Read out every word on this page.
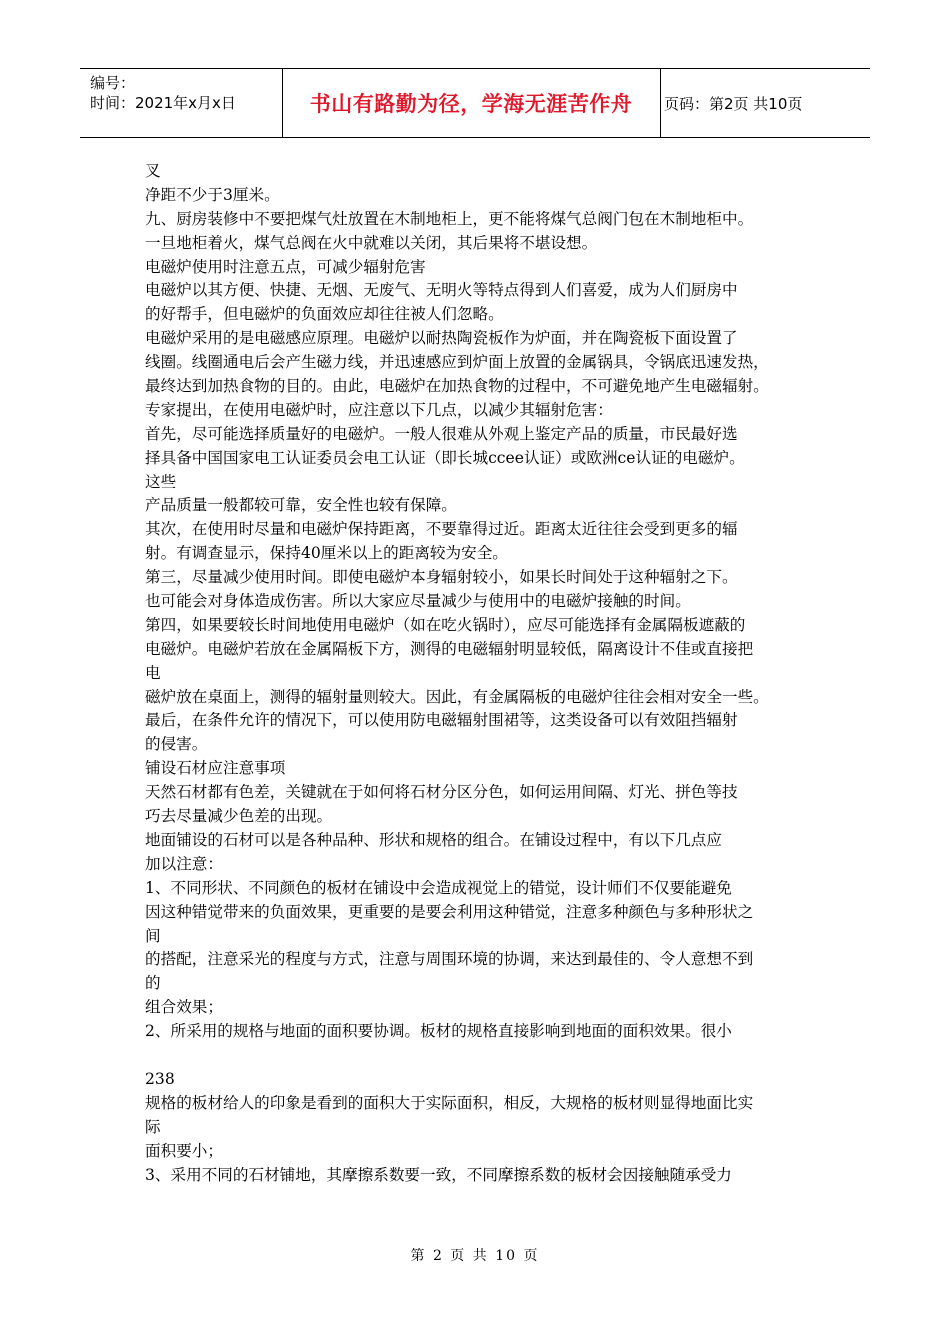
编号：
时间：2021年x月x日	书山有路勤为径，学海无涯苦作舟	页码：第2页 共10页
叉
净距不少于3厘米。
九、厨房装修中不要把煤气灶放置在木制地柜上，更不能将煤气总阀门包在木制地柜中。
一旦地柜着火，煤气总阀在火中就难以关闭，其后果将不堪设想。
电磁炉使用时注意五点，可减少辐射危害
电磁炉以其方便、快捷、无烟、无废气、无明火等特点得到人们喜爱，成为人们厨房中
的好帮手，但电磁炉的负面效应却往往被人们忽略。
电磁炉采用的是电磁感应原理。电磁炉以耐热陶瓷板作为炉面，并在陶瓷板下面设置了
线圈。线圈通电后会产生磁力线，并迅速感应到炉面上放置的金属锅具，令锅底迅速发热，
最终达到加热食物的目的。由此，电磁炉在加热食物的过程中，不可避免地产生电磁辐射。
专家提出，在使用电磁炉时，应注意以下几点，以减少其辐射危害：
首先，尽可能选择质量好的电磁炉。一般人很难从外观上鉴定产品的质量，市民最好选
择具备中国国家电工认证委员会电工认证（即长城ccee认证）或欧洲ce认证的电磁炉。
这些
产品质量一般都较可靠，安全性也较有保障。
其次，在使用时尽量和电磁炉保持距离，不要靠得过近。距离太近往往会受到更多的辐
射。有调查显示，保持40厘米以上的距离较为安全。
第三，尽量减少使用时间。即使电磁炉本身辐射较小，如果长时间处于这种辐射之下。
也可能会对身体造成伤害。所以大家应尽量减少与使用中的电磁炉接触的时间。
第四，如果要较长时间地使用电磁炉（如在吃火锅时），应尽可能选择有金属隔板遮蔽的
电磁炉。电磁炉若放在金属隔板下方，测得的电磁辐射明显较低，隔离设计不佳或直接把
电
磁炉放在桌面上，测得的辐射量则较大。因此，有金属隔板的电磁炉往往会相对安全一些。
最后，在条件允许的情况下，可以使用防电磁辐射围裙等，这类设备可以有效阻挡辐射
的侵害。
铺设石材应注意事项
天然石材都有色差，关键就在于如何将石材分区分色，如何运用间隔、灯光、拼色等技
巧去尽量减少色差的出现。
地面铺设的石材可以是各种品种、形状和规格的组合。在铺设过程中，有以下几点应
加以注意：
1、不同形状、不同颜色的板材在铺设中会造成视觉上的错觉，设计师们不仅要能避免
因这种错觉带来的负面效果，更重要的是要会利用这种错觉，注意多种颜色与多种形状之
间
的搭配，注意采光的程度与方式，注意与周围环境的协调，来达到最佳的、令人意想不到
的
组合效果；
2、所采用的规格与地面的面积要协调。板材的规格直接影响到地面的面积效果。很小
238
规格的板材给人的印象是看到的面积大于实际面积，相反，大规格的板材则显得地面比实
际
面积要小；
3、采用不同的石材铺地，其摩擦系数要一致，不同摩擦系数的板材会因接触随承受力
第 2 页 共 10 页
